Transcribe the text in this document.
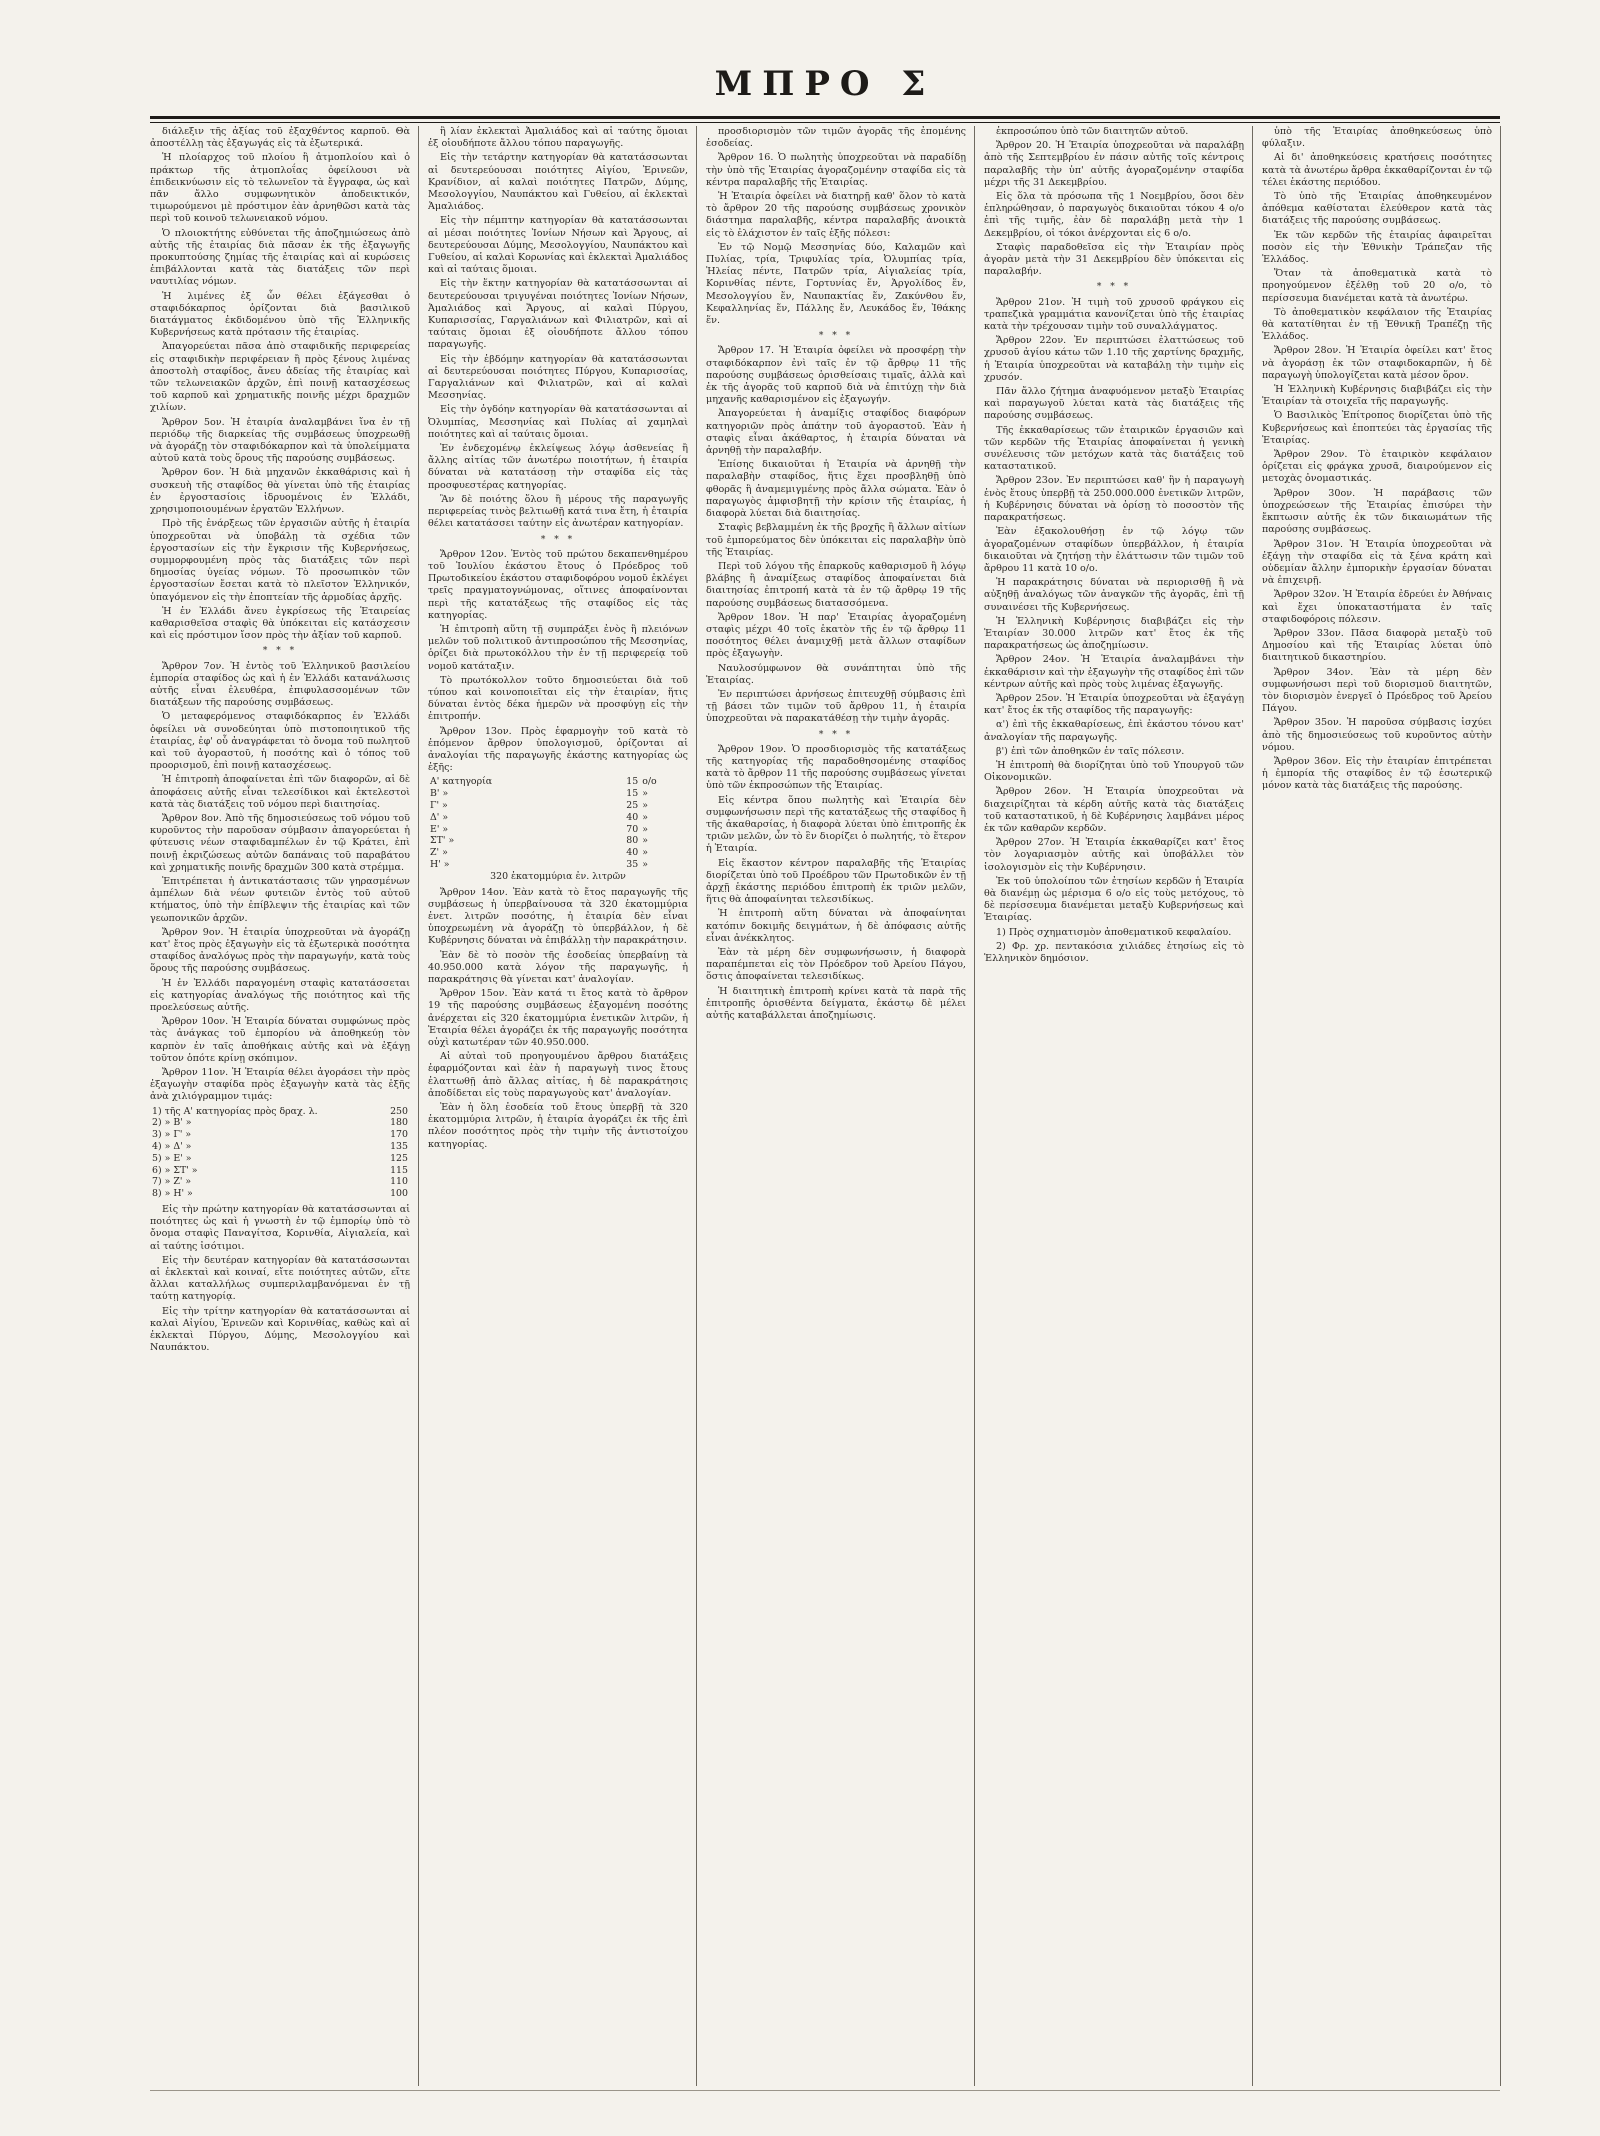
ΜΠΡΟ Σ

διάλεξιν τῆς ἀξίας τοῦ ἐξαχθέντος καρποῦ. Θὰ ἀποστέλλῃ τὰς ἐξαγωγάς εἰς τὰ ἐξωτερικά.

Ἡ πλοίαρχος τοῦ πλοίου ἢ ἀτμοπλοίου καὶ ὁ πράκτωρ τῆς ἀτμοπλοΐας ὀφείλουσι νὰ ἐπιδεικνύωσιν εἰς τὸ τελωνεῖον τὰ ἔγγραφα, ὡς καὶ πᾶν ἄλλο συμφωνητικὸν ἀποδεικτικόν, τιμωρούμενοι μὲ πρόστιμον ἐὰν ἀρνηθῶσι κατὰ τὰς περὶ τοῦ κοινοῦ τελωνειακοῦ νόμου.

Ὁ πλοιοκτήτης εὐθύνεται τῆς ἀποζημιώσεως ἀπὸ αὐτῆς τῆς ἐταιρίας διὰ πᾶσαν ἐκ τῆς ἐξαγωγῆς προκυπτούσης ζημίας τῆς ἐταιρίας καὶ αἱ κυρώσεις ἐπιβάλλονται κατὰ τὰς διατάξεις τῶν περὶ ναυτιλίας νόμων.

Ἡ λιμένες ἐξ ὧν θέλει ἐξάγεσθαι ὁ σταφιδόκαρπος ὁρίζονται διὰ βασιλικοῦ διατάγματος ἐκδιδομένου ὑπὸ τῆς Ἑλληνικῆς Κυβερνήσεως κατὰ πρότασιν τῆς ἐταιρίας.

Ἀπαγορεύεται πᾶσα ἀπὸ σταφιδικῆς περιφερείας εἰς σταφιδικὴν περιφέρειαν ἢ πρὸς ξένους λιμένας ἀποστολὴ σταφίδος, ἄνευ ἀδείας τῆς ἐταιρίας καὶ τῶν τελωνειακῶν ἀρχῶν, ἐπὶ ποινῇ κατασχέσεως τοῦ καρποῦ καὶ χρηματικῆς ποινῆς μέχρι δραχμῶν χιλίων.

Ἄρθρον 5ον. Ἡ ἐταιρία ἀναλαμβάνει ἵνα ἐν τῇ περιόδῳ τῆς διαρκείας τῆς συμβάσεως ὑποχρεωθῇ νὰ ἀγοράζῃ τὸν σταφιδόκαρπον καὶ τὰ ὑπολείμματα αὐτοῦ κατὰ τοὺς ὅρους τῆς παρούσης συμβάσεως.

Ἄρθρον 6ον. Ἡ διὰ μηχανῶν ἐκκαθάρισις καὶ ἡ συσκευὴ τῆς σταφίδος θὰ γίνεται ὑπὸ τῆς ἐταιρίας ἐν ἐργοστασίοις ἱδρυομένοις ἐν Ἑλλάδι, χρησιμοποιουμένων ἐργατῶν Ἑλλήνων.

Πρὸ τῆς ἐνάρξεως τῶν ἐργασιῶν αὐτῆς ἡ ἐταιρία ὑποχρεοῦται νὰ ὑποβάλῃ τὰ σχέδια τῶν ἐργοστασίων εἰς τὴν ἔγκρισιν τῆς Κυβερνήσεως, συμμορφουμένη πρὸς τὰς διατάξεις τῶν περὶ δημοσίας ὑγείας νόμων. Τὸ προσωπικὸν τῶν ἐργοστασίων ἔσεται κατὰ τὸ πλεῖστον Ἑλληνικόν, ὑπαγόμενον εἰς τὴν ἐποπτείαν τῆς ἁρμοδίας ἀρχῆς.

Ἡ ἐν Ἑλλάδι ἄνευ ἐγκρίσεως τῆς Ἑταιρείας καθαρισθεῖσα σταφὶς θὰ ὑπόκειται εἰς κατάσχεσιν καὶ εἰς πρόστιμον ἴσον πρὸς τὴν ἀξίαν τοῦ καρποῦ.

* * *

Ἄρθρον 7ον. Ἡ ἐντὸς τοῦ Ἑλληνικοῦ βασιλείου ἐμπορία σταφίδος ὡς καὶ ἡ ἐν Ἑλλάδι κατανάλωσις αὐτῆς εἶναι ἐλευθέρα, ἐπιφυλασσομένων τῶν διατάξεων τῆς παρούσης συμβάσεως.

Ὁ μεταφερόμενος σταφιδόκαρπος ἐν Ἑλλάδι ὀφείλει νὰ συνοδεύηται ὑπὸ πιστοποιητικοῦ τῆς ἐταιρίας, ἐφ' οὗ ἀναγράφεται τὸ ὄνομα τοῦ πωλητοῦ καὶ τοῦ ἀγοραστοῦ, ἡ ποσότης καὶ ὁ τόπος τοῦ προορισμοῦ, ἐπὶ ποινῇ κατασχέσεως.

Ἡ ἐπιτροπὴ ἀποφαίνεται ἐπὶ τῶν διαφορῶν, αἱ δὲ ἀποφάσεις αὐτῆς εἶναι τελεσίδικοι καὶ ἐκτελεστοὶ κατὰ τὰς διατάξεις τοῦ νόμου περὶ διαιτησίας.

Ἄρθρον 8ον. Ἀπὸ τῆς δημοσιεύσεως τοῦ νόμου τοῦ κυροῦντος τὴν παροῦσαν σύμβασιν ἀπαγορεύεται ἡ φύτευσις νέων σταφιδαμπέλων ἐν τῷ Κράτει, ἐπὶ ποινῇ ἐκριζώσεως αὐτῶν δαπάναις τοῦ παραβάτου καὶ χρηματικῆς ποινῆς δραχμῶν 300 κατὰ στρέμμα.

Ἐπιτρέπεται ἡ ἀντικατάστασις τῶν γηρασμένων ἀμπέλων διὰ νέων φυτειῶν ἐντὸς τοῦ αὐτοῦ κτήματος, ὑπὸ τὴν ἐπίβλεψιν τῆς ἐταιρίας καὶ τῶν γεωπονικῶν ἀρχῶν.

Ἄρθρον 9ον. Ἡ ἐταιρία ὑποχρεοῦται νὰ ἀγοράζῃ κατ' ἔτος πρὸς ἐξαγωγὴν εἰς τὰ ἐξωτερικὰ ποσότητα σταφίδος ἀναλόγως πρὸς τὴν παραγωγήν, κατὰ τοὺς ὅρους τῆς παρούσης συμβάσεως.

Ἡ ἐν Ἑλλάδι παραγομένη σταφὶς κατατάσσεται εἰς κατηγορίας ἀναλόγως τῆς ποιότητος καὶ τῆς προελεύσεως αὐτῆς.

Ἄρθρον 10ον. Ἡ Ἑταιρία δύναται συμφώνως πρὸς τὰς ἀνάγκας τοῦ ἐμπορίου νὰ ἀποθηκεύῃ τὸν καρπὸν ἐν ταῖς ἀποθήκαις αὐτῆς καὶ νὰ ἐξάγῃ τοῦτον ὁπότε κρίνῃ σκόπιμον.

Ἄρθρον 11ον. Ἡ Ἑταιρία θέλει ἀγοράσει τὴν πρὸς ἐξαγωγὴν σταφίδα πρὸς ἐξαγωγὴν κατὰ τὰς ἑξῆς ἀνὰ χιλιόγραμμον τιμάς:

1) τῆς Α' κατηγορίας πρὸς δραχ. λ.	250
2) » Β' »	180
3) » Γ' »	170
4) » Δ' »	135
5) » Ε' »	125
6) » ΣΤ' »	115
7) » Ζ' »	110
8) » Η' »	100

Εἰς τὴν πρώτην κατηγορίαν θὰ κατατάσσωνται αἱ ποιότητες ὡς καὶ ἡ γνωστὴ ἐν τῷ ἐμπορίῳ ὑπὸ τὸ ὄνομα σταφὶς Παναγίτσα, Κορινθία, Αἰγιαλεία, καὶ αἱ ταύτης ἰσότιμοι.

Εἰς τὴν δευτέραν κατηγορίαν θὰ κατατάσσωνται αἱ ἐκλεκταὶ καὶ κοιναί, εἴτε ποιότητες αὐτῶν, εἴτε ἄλλαι καταλλήλως συμπεριλαμβανόμεναι ἐν τῇ ταύτῃ κατηγορίᾳ.

Εἰς τὴν τρίτην κατηγορίαν θὰ κατατάσσωνται αἱ καλαὶ Αἰγίου, Ἐρινεῶν καὶ Κορινθίας, καθὼς καὶ αἱ ἐκλεκταὶ Πύργου, Δύμης, Μεσολογγίου καὶ Ναυπάκτου.

ἢ λίαν ἐκλεκταὶ Ἀμαλιάδος καὶ αἱ ταύτης ὅμοιαι ἐξ οἱουδήποτε ἄλλου τόπου παραγωγῆς.

Εἰς τὴν τετάρτην κατηγορίαν θὰ κατατάσσωνται αἱ δευτερεύουσαι ποιότητες Αἰγίου, Ἐρινεῶν, Κρανίδιον, αἱ καλαὶ ποιότητες Πατρῶν, Δύμης, Μεσολογγίου, Ναυπάκτου καὶ Γυθείου, αἱ ἐκλεκταὶ Ἀμαλιάδος.

Εἰς τὴν πέμπτην κατηγορίαν θὰ κατατάσσωνται αἱ μέσαι ποιότητες Ἰονίων Νήσων καὶ Ἄργους, αἱ δευτερεύουσαι Δύμης, Μεσολογγίου, Ναυπάκτου καὶ Γυθείου, αἱ καλαὶ Κορωνίας καὶ ἐκλεκταὶ Ἀμαλιάδος καὶ αἱ ταύταις ὅμοιαι.

Εἰς τὴν ἕκτην κατηγορίαν θὰ κατατάσσωνται αἱ δευτερεύουσαι τριγυγέναι ποιότητες Ἰονίων Νήσων, Ἀμαλιάδος καὶ Ἄργους, αἱ καλαὶ Πύργου, Κυπαρισσίας, Γαργαλιάνων καὶ Φιλιατρῶν, καὶ αἱ ταύταις ὅμοιαι ἐξ οἱουδήποτε ἄλλου τόπου παραγωγῆς.

Εἰς τὴν ἑβδόμην κατηγορίαν θὰ κατατάσσωνται αἱ δευτερεύουσαι ποιότητες Πύργου, Κυπαρισσίας, Γαργαλιάνων καὶ Φιλιατρῶν, καὶ αἱ καλαὶ Μεσσηνίας.

Εἰς τὴν ὀγδόην κατηγορίαν θὰ κατατάσσωνται αἱ Ὀλυμπίας, Μεσσηνίας καὶ Πυλίας αἱ χαμηλαὶ ποιότητες καὶ αἱ ταύταις ὅμοιαι.

Ἐν ἐνδεχομένῳ ἐκλείψεως λόγῳ ἀσθενείας ἢ ἄλλης αἰτίας τῶν ἀνωτέρω ποιοτήτων, ἡ ἐταιρία δύναται νὰ κατατάσσῃ τὴν σταφίδα εἰς τὰς προσφυεστέρας κατηγορίας.

Ἂν δὲ ποιότης ὅλου ἢ μέρους τῆς παραγωγῆς περιφερείας τινὸς βελτιωθῇ κατά τινα ἔτη, ἡ ἐταιρία θέλει κατατάσσει ταύτην εἰς ἀνωτέραν κατηγορίαν.

* * *

Ἄρθρον 12ον. Ἐντὸς τοῦ πρώτου δεκαπενθημέρου τοῦ Ἰουλίου ἑκάστου ἔτους ὁ Πρόεδρος τοῦ Πρωτοδικείου ἑκάστου σταφιδοφόρου νομοῦ ἐκλέγει τρεῖς πραγματογνώμονας, οἵτινες ἀποφαίνονται περὶ τῆς κατατάξεως τῆς σταφίδος εἰς τὰς κατηγορίας.

Ἡ ἐπιτροπὴ αὕτη τῇ συμπράξει ἐνὸς ἢ πλειόνων μελῶν τοῦ πολιτικοῦ ἀντιπροσώπου τῆς Μεσσηνίας, ὁρίζει διὰ πρωτοκόλλου τὴν ἐν τῇ περιφερείᾳ τοῦ νομοῦ κατάταξιν.

Τὸ πρωτόκολλον τοῦτο δημοσιεύεται διὰ τοῦ τύπου καὶ κοινοποιεῖται εἰς τὴν ἐταιρίαν, ἥτις δύναται ἐντὸς δέκα ἡμερῶν νὰ προσφύγῃ εἰς τὴν ἐπιτροπήν.

Ἄρθρον 13ον. Πρὸς ἐφαρμογὴν τοῦ κατὰ τὸ ἐπόμενον ἄρθρον ὑπολογισμοῦ, ὁρίζονται αἱ ἀναλογίαι τῆς παραγωγῆς ἑκάστης κατηγορίας ὡς ἑξῆς:

Α' κατηγορία	15	ο/ο
Β' »	15	»
Γ' »	25	»
Δ' »	40	»
Ε' »	70	»
ΣΤ' »	80	»
Ζ' »	40	»
Η' »	35	»
320 ἑκατομμύρια ἐν. λιτρῶν		

Ἄρθρον 14ον. Ἐὰν κατὰ τὸ ἔτος παραγωγῆς τῆς συμβάσεως ἡ ὑπερβαίνουσα τὰ 320 ἑκατομμύρια ἐνετ. λιτρῶν ποσότης, ἡ ἐταιρία δὲν εἶναι ὑποχρεωμένη νὰ ἀγοράζῃ τὸ ὑπερβάλλον, ἡ δὲ Κυβέρνησις δύναται νὰ ἐπιβάλλῃ τὴν παρακράτησιν.

Ἐὰν δὲ τὸ ποσὸν τῆς ἐσοδείας ὑπερβαίνῃ τὰ 40.950.000 κατὰ λόγον τῆς παραγωγῆς, ἡ παρακράτησις θὰ γίνεται κατ' ἀναλογίαν.

Ἄρθρον 15ον. Ἐὰν κατά τι ἔτος κατὰ τὸ ἄρθρον 19 τῆς παρούσης συμβάσεως ἐξαγομένη ποσότης ἀνέρχεται εἰς 320 ἑκατομμύρια ἐνετικῶν λιτρῶν, ἡ Ἑταιρία θέλει ἀγοράζει ἐκ τῆς παραγωγῆς ποσότητα οὐχὶ κατωτέραν τῶν 40.950.000.

Αἱ αὐταὶ τοῦ προηγουμένου ἄρθρου διατάξεις ἐφαρμόζονται καὶ ἐὰν ἡ παραγωγὴ τινος ἔτους ἐλαττωθῇ ἀπὸ ἄλλας αἰτίας, ἡ δὲ παρακράτησις ἀποδίδεται εἰς τοὺς παραγωγοὺς κατ' ἀναλογίαν.

Ἐὰν ἡ ὅλη ἐσοδεία τοῦ ἔτους ὑπερβῇ τὰ 320 ἑκατομμύρια λιτρῶν, ἡ ἐταιρία ἀγοράζει ἐκ τῆς ἐπὶ πλέον ποσότητος πρὸς τὴν τιμὴν τῆς ἀντιστοίχου κατηγορίας.

προσδιορισμὸν τῶν τιμῶν ἀγορᾶς τῆς ἐπομένης ἐσοδείας.

Ἄρθρον 16. Ὁ πωλητὴς ὑποχρεοῦται νὰ παραδίδῃ τὴν ὑπὸ τῆς Ἑταιρίας ἀγοραζομένην σταφίδα εἰς τὰ κέντρα παραλαβῆς τῆς Ἑταιρίας.

Ἡ Ἑταιρία ὀφείλει νὰ διατηρῇ καθ' ὅλον τὸ κατὰ τὸ ἄρθρον 20 τῆς παρούσης συμβάσεως χρονικὸν διάστημα παραλαβῆς, κέντρα παραλαβῆς ἀνοικτὰ εἰς τὸ ἐλάχιστον ἐν ταῖς ἑξῆς πόλεσι:

Ἐν τῷ Νομῷ Μεσσηνίας δύο, Καλαμῶν καὶ Πυλίας, τρία, Τριφυλίας τρία, Ὀλυμπίας τρία, Ἠλείας πέντε, Πατρῶν τρία, Αἰγιαλείας τρία, Κορινθίας πέντε, Γορτυνίας ἕν, Ἀργολίδος ἕν, Μεσολογγίου ἕν, Ναυπακτίας ἕν, Ζακύνθου ἕν, Κεφαλληνίας ἕν, Πάλλης ἕν, Λευκάδος ἕν, Ἰθάκης ἕν.

* * *

Ἄρθρον 17. Ἡ Ἑταιρία ὀφείλει νὰ προσφέρῃ τὴν σταφιδόκαρπον ἐνὶ ταῖς ἐν τῷ ἄρθρῳ 11 τῆς παρούσης συμβάσεως ὁρισθείσαις τιμαῖς, ἀλλὰ καὶ ἐκ τῆς ἀγορᾶς τοῦ καρποῦ διὰ νὰ ἐπιτύχῃ τὴν διὰ μηχανῆς καθαρισμένον εἰς ἐξαγωγήν.

Ἀπαγορεύεται ἡ ἀναμίξις σταφίδος διαφόρων κατηγοριῶν πρὸς ἀπάτην τοῦ ἀγοραστοῦ. Ἐὰν ἡ σταφὶς εἶναι ἀκάθαρτος, ἡ ἐταιρία δύναται νὰ ἀρνηθῇ τὴν παραλαβήν.

Ἐπίσης δικαιοῦται ἡ Ἑταιρία νὰ ἀρνηθῇ τὴν παραλαβὴν σταφίδος, ἥτις ἔχει προσβληθῇ ὑπὸ φθορᾶς ἢ ἀναμεμιγμένης πρὸς ἄλλα σώματα. Ἐὰν ὁ παραγωγὸς ἀμφισβητῇ τὴν κρίσιν τῆς ἐταιρίας, ἡ διαφορὰ λύεται διὰ διαιτησίας.

Σταφὶς βεβλαμμένη ἐκ τῆς βροχῆς ἢ ἄλλων αἰτίων τοῦ ἐμπορεύματος δὲν ὑπόκειται εἰς παραλαβὴν ὑπὸ τῆς Ἑταιρίας.

Περὶ τοῦ λόγου τῆς ἐπαρκοῦς καθαρισμοῦ ἢ λόγῳ βλάβης ἢ ἀναμίξεως σταφίδος ἀποφαίνεται διὰ διαιτησίας ἐπιτροπή κατὰ τὰ ἐν τῷ ἄρθρῳ 19 τῆς παρούσης συμβάσεως διατασσόμενα.

Ἄρθρον 18ον. Ἡ παρ' Ἑταιρίας ἀγοραζομένη σταφὶς μέχρι 40 τοῖς ἑκατὸν τῆς ἐν τῷ ἄρθρῳ 11 ποσότητος θέλει ἀναμιχθῇ μετὰ ἄλλων σταφίδων πρὸς ἐξαγωγὴν.

Ναυλοσύμφωνον θὰ συνάπτηται ὑπὸ τῆς Ἑταιρίας.

Ἐν περιπτώσει ἀρνήσεως ἐπιτευχθῇ σύμβασις ἐπὶ τῇ βάσει τῶν τιμῶν τοῦ ἄρθρου 11, ἡ ἐταιρία ὑποχρεοῦται νὰ παρακατάθέσῃ τὴν τιμὴν ἀγορᾶς.

* * *

Ἄρθρον 19ον. Ὁ προσδιορισμὸς τῆς κατατάξεως τῆς κατηγορίας τῆς παραδοθησομένης σταφίδος κατὰ τὸ ἄρθρον 11 τῆς παρούσης συμβάσεως γίνεται ὑπὸ τῶν ἐκπροσώπων τῆς Ἑταιρίας.

Εἰς κέντρα ὅπου πωλητὴς καὶ Ἑταιρία δὲν συμφωνήσωσιν περὶ τῆς κατατάξεως τῆς σταφίδος ἢ τῆς ἀκαθαρσίας, ἡ διαφορὰ λύεται ὑπὸ ἐπιτροπῆς ἐκ τριῶν μελῶν, ὧν τὸ ἓν διορίζει ὁ πωλητής, τὸ ἕτερον ἡ Ἑταιρία.

Εἰς ἕκαστον κέντρον παραλαβῆς τῆς Ἑταιρίας διορίζεται ὑπὸ τοῦ Προέδρου τῶν Πρωτοδικῶν ἐν τῇ ἀρχῇ ἑκάστης περιόδου ἐπιτροπὴ ἐκ τριῶν μελῶν, ἥτις θὰ ἀποφαίνηται τελεσιδίκως.

Ἡ ἐπιτροπὴ αὕτη δύναται νὰ ἀποφαίνηται κατόπιν δοκιμῆς δειγμάτων, ἡ δὲ ἀπόφασις αὐτῆς εἶναι ἀνέκκλητος.

Ἐὰν τὰ μέρη δὲν συμφωνήσωσιν, ἡ διαφορὰ παραπέμπεται εἰς τὸν Πρόεδρον τοῦ Ἀρείου Πάγου, ὅστις ἀποφαίνεται τελεσιδίκως.

Ἡ διαιτητικὴ ἐπιτροπὴ κρίνει κατὰ τὰ παρὰ τῆς ἐπιτροπῆς ὁρισθέντα δείγματα, ἑκάστῳ δὲ μέλει αὐτῆς καταβάλλεται ἀποζημίωσις.

ἐκπροσώπου ὑπὸ τῶν διαιτητῶν αὐτοῦ.

Ἄρθρον 20. Ἡ Ἑταιρία ὑποχρεοῦται νὰ παραλάβῃ ἀπὸ τῆς Σεπτεμβρίου ἐν πάσιν αὐτῆς τοῖς κέντροις παραλαβῆς τὴν ὑπ' αὐτῆς ἀγοραζομένην σταφίδα μέχρι τῆς 31 Δεκεμβρίου.

Εἰς ὅλα τὰ πρόσωπα τῆς 1 Νοεμβρίου, ὅσοι δὲν ἐπληρώθησαν, ὁ παραγωγὸς δικαιοῦται τόκου 4 ο/ο ἐπὶ τῆς τιμῆς, ἐὰν δὲ παραλάβῃ μετὰ τὴν 1 Δεκεμβρίου, οἱ τόκοι ἀνέρχονται εἰς 6 ο/ο.

Σταφὶς παραδοθεῖσα εἰς τὴν Ἑταιρίαν πρὸς ἀγορὰν μετὰ τὴν 31 Δεκεμβρίου δὲν ὑπόκειται εἰς παραλαβήν.

* * *

Ἄρθρον 21ον. Ἡ τιμὴ τοῦ χρυσοῦ φράγκου εἰς τραπεζικὰ γραμμάτια κανονίζεται ὑπὸ τῆς ἐταιρίας κατὰ τὴν τρέχουσαν τιμὴν τοῦ συναλλάγματος.

Ἄρθρον 22ον. Ἐν περιπτώσει ἐλαττώσεως τοῦ χρυσοῦ ἀγίου κάτω τῶν 1.10 τῆς χαρτίνης δραχμῆς, ἡ Ἑταιρία ὑποχρεοῦται νὰ καταβάλῃ τὴν τιμὴν εἰς χρυσόν.

Πᾶν ἄλλο ζήτημα ἀναφυόμενον μεταξὺ Ἑταιρίας καὶ παραγωγοῦ λύεται κατὰ τὰς διατάξεις τῆς παρούσης συμβάσεως.

Τῆς ἐκκαθαρίσεως τῶν ἐταιρικῶν ἐργασιῶν καὶ τῶν κερδῶν τῆς Ἑταιρίας ἀποφαίνεται ἡ γενικὴ συνέλευσις τῶν μετόχων κατὰ τὰς διατάξεις τοῦ καταστατικοῦ.

Ἄρθρον 23ον. Ἐν περιπτώσει καθ' ἣν ἡ παραγωγὴ ἑνὸς ἔτους ὑπερβῇ τὰ 250.000.000 ἐνετικῶν λιτρῶν, ἡ Κυβέρνησις δύναται νὰ ὁρίσῃ τὸ ποσοστὸν τῆς παρακρατήσεως.

Ἐὰν ἐξακολουθήσῃ ἐν τῷ λόγῳ τῶν ἀγοραζομένων σταφίδων ὑπερβάλλον, ἡ ἐταιρία δικαιοῦται νὰ ζητήσῃ τὴν ἐλάττωσιν τῶν τιμῶν τοῦ ἄρθρου 11 κατὰ 10 ο/ο.

Ἡ παρακράτησις δύναται νὰ περιορισθῇ ἢ νὰ αὐξηθῇ ἀναλόγως τῶν ἀναγκῶν τῆς ἀγορᾶς, ἐπὶ τῇ συναινέσει τῆς Κυβερνήσεως.

Ἡ Ἑλληνικὴ Κυβέρνησις διαβιβάζει εἰς τὴν Ἑταιρίαν 30.000 λιτρῶν κατ' ἔτος ἐκ τῆς παρακρατήσεως ὡς ἀποζημίωσιν.

Ἄρθρον 24ον. Ἡ Ἑταιρία ἀναλαμβάνει τὴν ἐκκαθάρισιν καὶ τὴν ἐξαγωγὴν τῆς σταφίδος ἐπὶ τῶν κέντρων αὐτῆς καὶ πρὸς τοὺς λιμένας ἐξαγωγῆς.

Ἄρθρον 25ον. Ἡ Ἑταιρία ὑποχρεοῦται νὰ ἐξαγάγῃ κατ' ἔτος ἐκ τῆς σταφίδος τῆς παραγωγῆς:

α') ἐπὶ τῆς ἐκκαθαρίσεως, ἐπὶ ἑκάστου τόνου κατ' ἀναλογίαν τῆς παραγωγῆς.

β') ἐπὶ τῶν ἀποθηκῶν ἐν ταῖς πόλεσιν.

Ἡ ἐπιτροπὴ θὰ διορίζηται ὑπὸ τοῦ Υπουργοῦ τῶν Οἰκονομικῶν.

Ἄρθρον 26ον. Ἡ Ἑταιρία ὑποχρεοῦται νὰ διαχειρίζηται τὰ κέρδη αὐτῆς κατὰ τὰς διατάξεις τοῦ καταστατικοῦ, ἡ δὲ Κυβέρνησις λαμβάνει μέρος ἐκ τῶν καθαρῶν κερδῶν.

Ἄρθρον 27ον. Ἡ Ἑταιρία ἐκκαθαρίζει κατ' ἔτος τὸν λογαριασμὸν αὐτῆς καὶ ὑποβάλλει τὸν ἰσολογισμὸν εἰς τὴν Κυβέρνησιν.

Ἐκ τοῦ ὑπολοίπου τῶν ἐτησίων κερδῶν ἡ Ἑταιρία θὰ διανέμῃ ὡς μέρισμα 6 ο/ο εἰς τοὺς μετόχους, τὸ δὲ περίσσευμα διανέμεται μεταξὺ Κυβερνήσεως καὶ Ἑταιρίας.

1) Πρὸς σχηματισμὸν ἀποθεματικοῦ κεφαλαίου.

2) Φρ. χρ. πεντακόσια χιλιάδες ἐτησίως εἰς τὸ Ἑλληνικὸν δημόσιον.

ὑπὸ τῆς Ἑταιρίας ἀποθηκεύσεως ὑπὸ φύλαξιν.

Αἱ δι' ἀποθηκεύσεις κρατήσεις ποσότητες κατὰ τὰ ἀνωτέρω ἄρθρα ἐκκαθαρίζονται ἐν τῷ τέλει ἑκάστης περιόδου.

Τὸ ὑπὸ τῆς Ἑταιρίας ἀποθηκευμένον ἀπόθεμα καθίσταται ἐλεύθερον κατὰ τὰς διατάξεις τῆς παρούσης συμβάσεως.

Ἐκ τῶν κερδῶν τῆς ἐταιρίας ἀφαιρεῖται ποσὸν εἰς τὴν Ἐθνικὴν Τράπεζαν τῆς Ἑλλάδος.

Ὅταν τὰ ἀποθεματικὰ κατὰ τὸ προηγούμενον ἐξέλθῃ τοῦ 20 ο/ο, τὸ περίσσευμα διανέμεται κατὰ τὰ ἀνωτέρω.

Τὸ ἀποθεματικὸν κεφάλαιον τῆς Ἑταιρίας θὰ κατατίθηται ἐν τῇ Ἐθνικῇ Τραπέζῃ τῆς Ἑλλάδος.

Ἄρθρον 28ον. Ἡ Ἑταιρία ὀφείλει κατ' ἔτος νὰ ἀγοράσῃ ἐκ τῶν σταφιδοκαρπῶν, ἡ δὲ παραγωγὴ ὑπολογίζεται κατὰ μέσον ὅρον.

Ἡ Ἑλληνικὴ Κυβέρνησις διαβιβάζει εἰς τὴν Ἑταιρίαν τὰ στοιχεῖα τῆς παραγωγῆς.

Ὁ Βασιλικὸς Ἐπίτροπος διορίζεται ὑπὸ τῆς Κυβερνήσεως καὶ ἐποπτεύει τὰς ἐργασίας τῆς Ἑταιρίας.

Ἄρθρον 29ον. Τὸ ἐταιρικὸν κεφάλαιον ὁρίζεται εἰς φράγκα χρυσᾶ, διαιρούμενον εἰς μετοχὰς ὀνομαστικάς.

Ἄρθρον 30ον. Ἡ παράβασις τῶν ὑποχρεώσεων τῆς Ἑταιρίας ἐπισύρει τὴν ἔκπτωσιν αὐτῆς ἐκ τῶν δικαιωμάτων τῆς παρούσης συμβάσεως.

Ἄρθρον 31ον. Ἡ Ἑταιρία ὑποχρεοῦται νὰ ἐξάγῃ τὴν σταφίδα εἰς τὰ ξένα κράτη καὶ οὐδεμίαν ἄλλην ἐμπορικὴν ἐργασίαν δύναται νὰ ἐπιχειρῇ.

Ἄρθρον 32ον. Ἡ Ἑταιρία ἐδρεύει ἐν Ἀθήναις καὶ ἔχει ὑποκαταστήματα ἐν ταῖς σταφιδοφόροις πόλεσιν.

Ἄρθρον 33ον. Πᾶσα διαφορὰ μεταξὺ τοῦ Δημοσίου καὶ τῆς Ἑταιρίας λύεται ὑπὸ διαιτητικοῦ δικαστηρίου.

Ἄρθρον 34ον. Ἐὰν τὰ μέρη δὲν συμφωνήσωσι περὶ τοῦ διορισμοῦ διαιτητῶν, τὸν διορισμὸν ἐνεργεῖ ὁ Πρόεδρος τοῦ Ἀρείου Πάγου.

Ἄρθρον 35ον. Ἡ παροῦσα σύμβασις ἰσχύει ἀπὸ τῆς δημοσιεύσεως τοῦ κυροῦντος αὐτὴν νόμου.

Ἄρθρον 36ον. Εἰς τὴν ἐταιρίαν ἐπιτρέπεται ἡ ἐμπορία τῆς σταφίδος ἐν τῷ ἐσωτερικῷ μόνον κατὰ τὰς διατάξεις τῆς παρούσης.
